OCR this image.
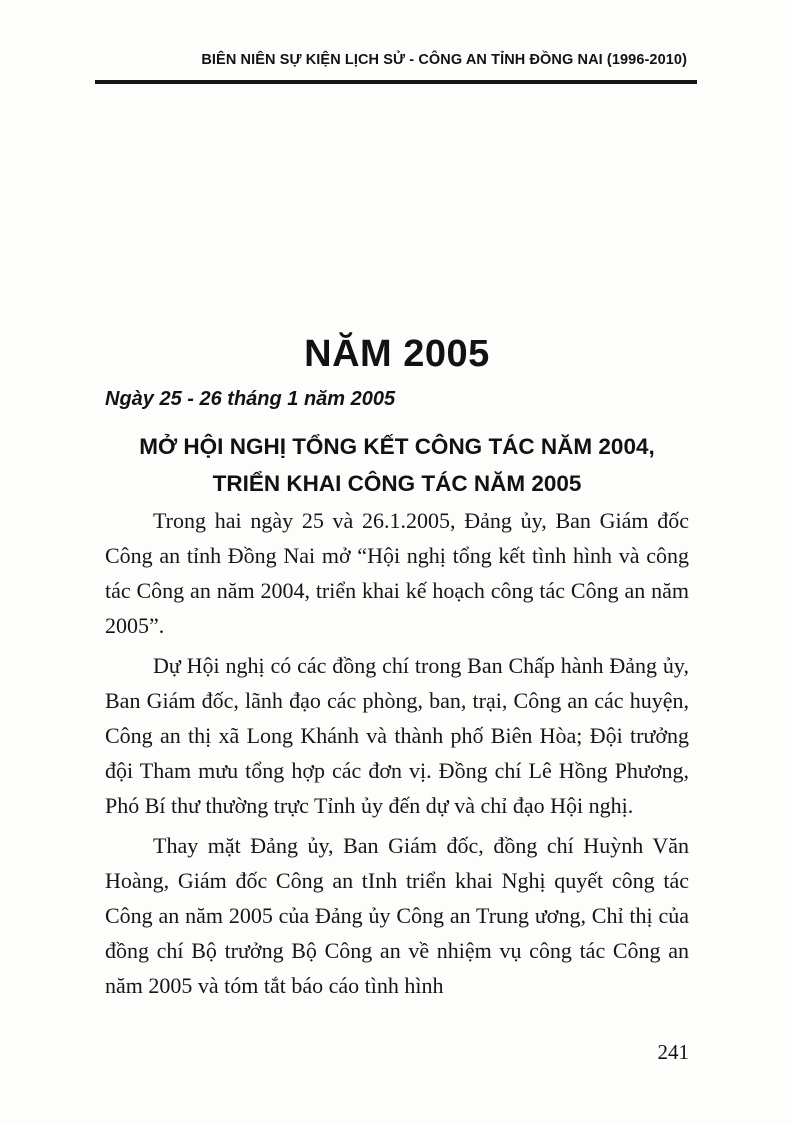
BIÊN NIÊN SỰ KIỆN LỊCH SỬ - CÔNG AN TỈNH ĐỒNG NAI (1996-2010)
NĂM 2005
Ngày 25 - 26 tháng 1 năm 2005
MỞ HỘI NGHỊ TỔNG KẾT CÔNG TÁC NĂM 2004,
TRIỂN KHAI CÔNG TÁC NĂM 2005

Trong hai ngày 25 và 26.1.2005, Đảng ủy, Ban Giám đốc Công an tỉnh Đồng Nai mở “Hội nghị tổng kết tình hình và công tác Công an năm 2004, triển khai kế hoạch công tác Công an năm 2005”.

Dự Hội nghị có các đồng chí trong Ban Chấp hành Đảng ủy, Ban Giám đốc, lãnh đạo các phòng, ban, trại, Công an các huyện, Công an thị xã Long Khánh và thành phố Biên Hòa; Đội trưởng đội Tham mưu tổng hợp các đơn vị. Đồng chí Lê Hồng Phương, Phó Bí thư thường trực Tỉnh ủy đến dự và chỉ đạo Hội nghị.

Thay mặt Đảng ủy, Ban Giám đốc, đồng chí Huỳnh Văn Hoàng, Giám đốc Công an tInh triển khai Nghị quyết công tác Công an năm 2005 của Đảng ủy Công an Trung ương, Chỉ thị của đồng chí Bộ trưởng Bộ Công an về nhiệm vụ công tác Công an năm 2005 và tóm tắt báo cáo tình hình

241
